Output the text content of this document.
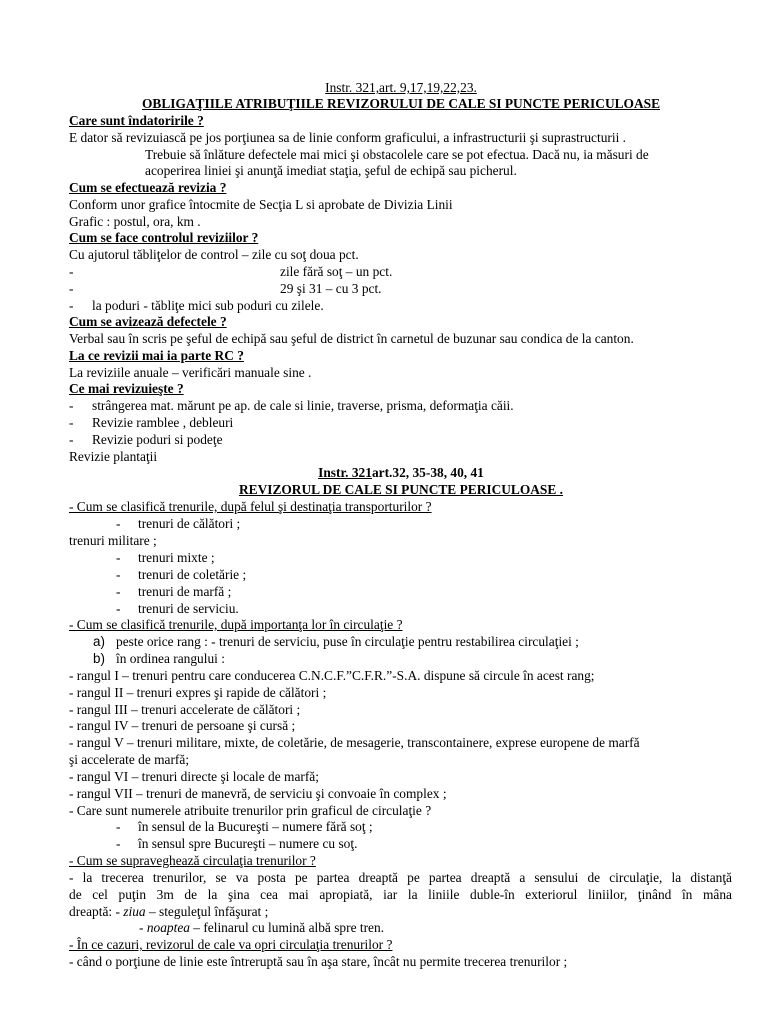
Instr. 321,art. 9,17,19,22,23.
OBLIGAŢIILE ATRIBUŢIILE REVIZORULUI DE CALE SI PUNCTE PERICULOASE
Care sunt îndatoririle ?
E dator să revizuiască pe jos porţiunea sa de linie conform graficului, a infrastructurii şi suprastructurii .
Trebuie să înlăture defectele mai mici şi obstacolele care se pot efectua. Dacă nu, ia măsuri de
acoperirea liniei şi anunţă imediat staţia, şeful de echipă sau picherul.
Cum se efectuează revizia ?
Conform unor grafice întocmite de Secţia L si aprobate de Divizia Linii
Grafic : postul, ora, km .
Cum se face controlul reviziilor ?
Cu ajutorul tăbliţelor de control – zile cu soţ doua pct.
-	zile fără soţ – un pct.
-	29 şi 31 – cu 3 pct.
- la poduri - tăbliţe mici sub poduri cu zilele.
Cum se avizează defectele ?
Verbal sau în scris pe şeful de echipă sau şeful de district în carnetul de buzunar sau condica de la canton.
La ce revizii mai ia parte RC ?
La reviziile anuale – verificări manuale sine .
Ce mai revizuieşte ?
- strângerea mat. mărunt pe ap. de cale si linie, traverse, prisma, deformaţia căii.
- Revizie ramblee , debleuri
- Revizie poduri si podeţe
Revizie plantaţii
Instr. 321art.32, 35-38, 40, 41
REVIZORUL DE CALE SI PUNCTE PERICULOASE .
- Cum se clasifică trenurile, după felul şi destinaţia transporturilor ?
- trenuri de călători ;
trenuri militare ;
- trenuri mixte ;
- trenuri de coletărie ;
- trenuri de marfă ;
- trenuri de serviciu.
- Cum se clasifică trenurile, după importanţa lor în circulaţie ?
a) peste orice rang : - trenuri de serviciu, puse în circulaţie pentru restabilirea circulaţiei ;
b) în ordinea rangului :
- rangul I – trenuri pentru care conducerea C.N.C.F.”C.F.R.”-S.A. dispune să circule în acest rang;
- rangul II – trenuri expres şi rapide de călători ;
- rangul III – trenuri accelerate de călători ;
- rangul IV – trenuri de persoane şi cursă ;
- rangul V – trenuri militare, mixte, de coletărie, de mesagerie, transcontainere, exprese europene de marfă
şi accelerate de marfă;
- rangul VI – trenuri directe şi locale de marfă;
- rangul VII – trenuri de manevră, de serviciu şi convoaie în complex ;
- Care sunt numerele atribuite trenurilor prin graficul de circulaţie ?
- în sensul de la Bucureşti – numere fără soţ ;
- în sensul spre Bucureşti – numere cu soţ.
- Cum se supraveghează circulaţia trenurilor ?
- la trecerea trenurilor, se va posta pe partea dreaptă pe partea dreaptă a sensului de circulaţie, la distanţă
de cel puţin 3m de la şina cea mai apropiată, iar la liniile duble-în exteriorul liniilor, ţinând în mâna
dreaptă: - ziua – steguleţul înfăşurat ;
- noaptea – felinarul cu lumină albă spre tren.
- În ce cazuri, revizorul de cale va opri circulaţia trenurilor ?
- când o porţiune de linie este întreruptă sau în aşa stare, încât nu permite trecerea trenurilor ;
